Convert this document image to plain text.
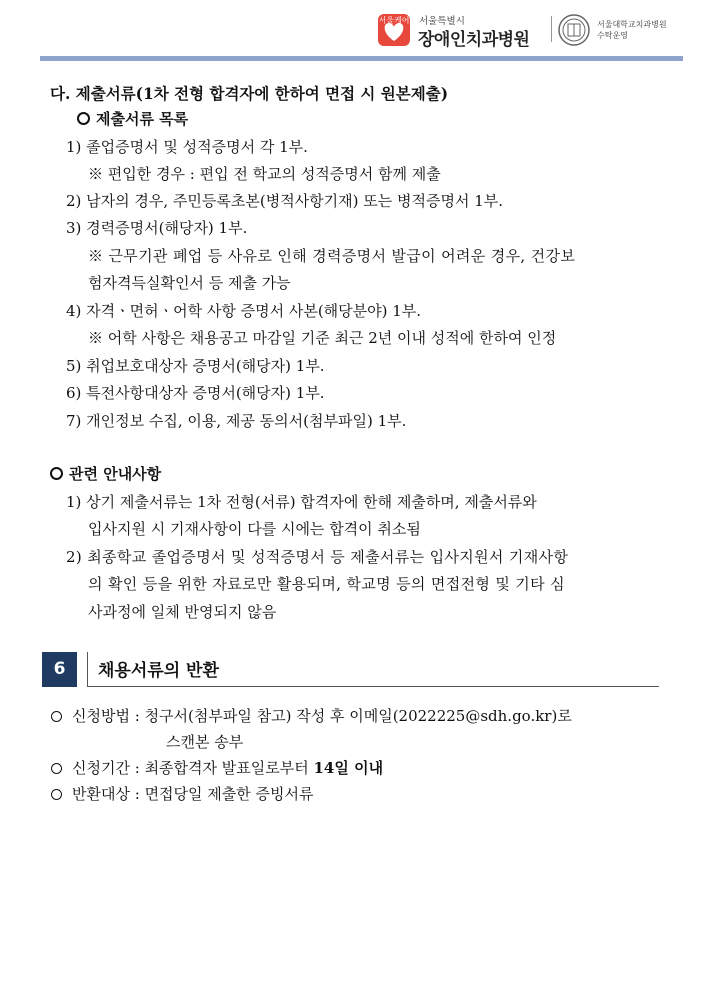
서울케어 서울특별시
장애인치과병원
서울대학교치과병원
수탁운영
다. 제출서류(1차 전형 합격자에 한하여 면접 시 원본제출)
제출서류 목록
1) 졸업증명서 및 성적증명서 각 1부.
※ 편입한 경우 : 편입 전 학교의 성적증명서 함께 제출
2) 남자의 경우, 주민등록초본(병적사항기재) 또는 병적증명서 1부.
3) 경력증명서(해당자) 1부.
※ 근무기관 폐업 등 사유로 인해 경력증명서 발급이 어려운 경우, 건강보
험자격득실확인서 등 제출 가능
4) 자격ㆍ면허ㆍ어학 사항 증명서 사본(해당분야) 1부.
※ 어학 사항은 채용공고 마감일 기준 최근 2년 이내 성적에 한하여 인정
5) 취업보호대상자 증명서(해당자) 1부.
6) 특전사항대상자 증명서(해당자) 1부.
7) 개인정보 수집, 이용, 제공 동의서(첨부파일) 1부.
관련 안내사항
1) 상기 제출서류는 1차 전형(서류) 합격자에 한해 제출하며, 제출서류와
입사지원 시 기재사항이 다를 시에는 합격이 취소됨
2) 최종학교 졸업증명서 및 성적증명서 등 제출서류는 입사지원서 기재사항
의 확인 등을 위한 자료로만 활용되며, 학교명 등의 면접전형 및 기타 심
사과정에 일체 반영되지 않음
6	채용서류의 반환
신청방법 : 청구서(첨부파일 참고) 작성 후 이메일(2022225@sdh.go.kr)로
스캔본 송부
신청기간 : 최종합격자 발표일로부터 14일 이내
반환대상 : 면접당일 제출한 증빙서류
